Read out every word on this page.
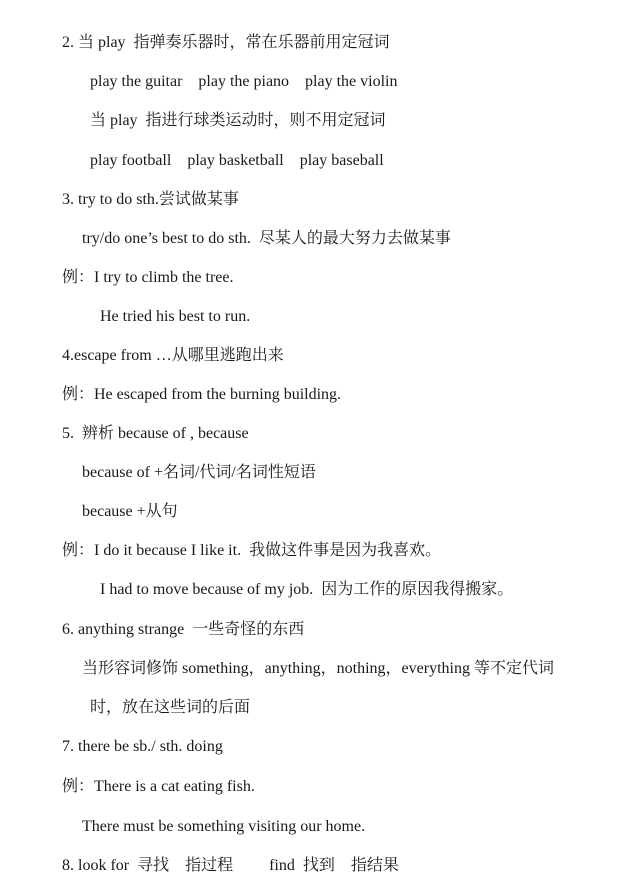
2. 当 play  指弹奏乐器时，常在乐器前用定冠词
play the guitar    play the piano    play the violin
当 play  指进行球类运动时，则不用定冠词
play football    play basketball    play baseball
3. try to do sth.尝试做某事
try/do one’s best to do sth.  尽某人的最大努力去做某事
例：I try to climb the tree.
He tried his best to run.
4.escape from …从哪里逃跑出来
例：He escaped from the burning building.
5.  辨析 because of , because
because of +名词/代词/名词性短语
because +从句
例：I do it because I like it.  我做这件事是因为我喜欢。
I had to move because of my job.  因为工作的原因我得搬家。
6. anything strange  一些奇怪的东西
当形容词修饰 something，anything，nothing，everything 等不定代词
时，放在这些词的后面
7. there be sb./ sth. doing
例：There is a cat eating fish.
There must be something visiting our home.
8. look for  寻找    指过程         find  找到    指结果
